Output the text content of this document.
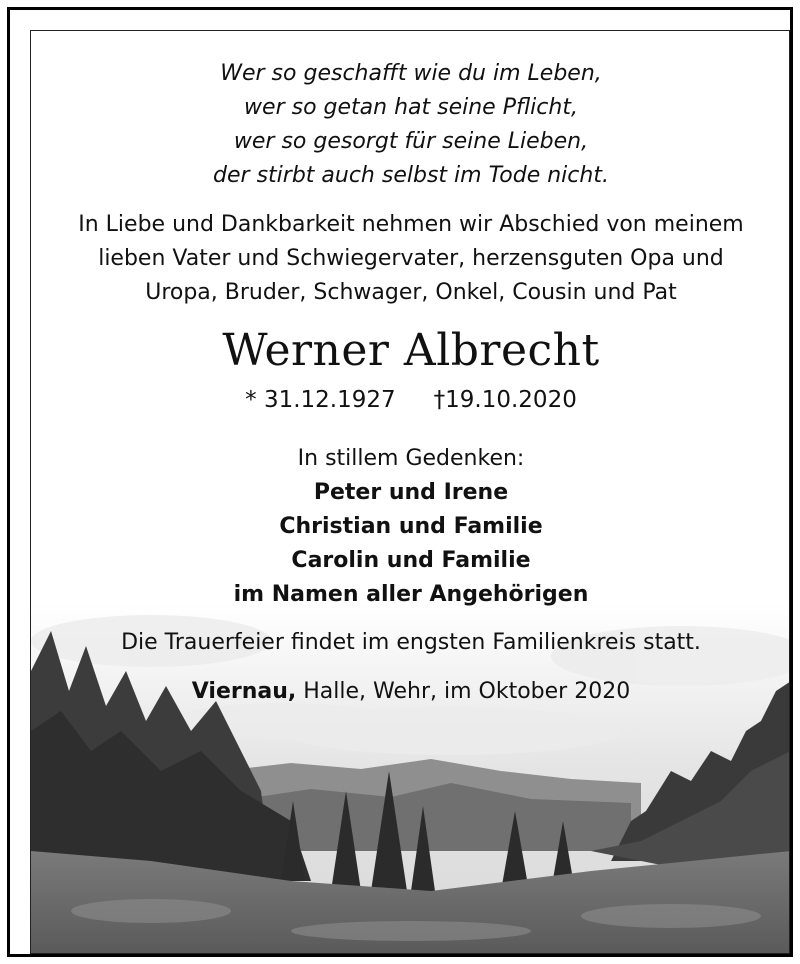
Wer so geschafft wie du im Leben,
wer so getan hat seine Pflicht,
wer so gesorgt für seine Lieben,
der stirbt auch selbst im Tode nicht.
In Liebe und Dankbarkeit nehmen wir Abschied von meinem
lieben Vater und Schwiegervater, herzensguten Opa und
Uropa, Bruder, Schwager, Onkel, Cousin und Pat
Werner Albrecht
* 31.12.1927 †19.10.2020
In stillem Gedenken:
Peter und Irene
Christian und Familie
Carolin und Familie
im Namen aller Angehörigen
Die Trauerfeier findet im engsten Familienkreis statt.
Viernau, Halle, Wehr, im Oktober 2020
